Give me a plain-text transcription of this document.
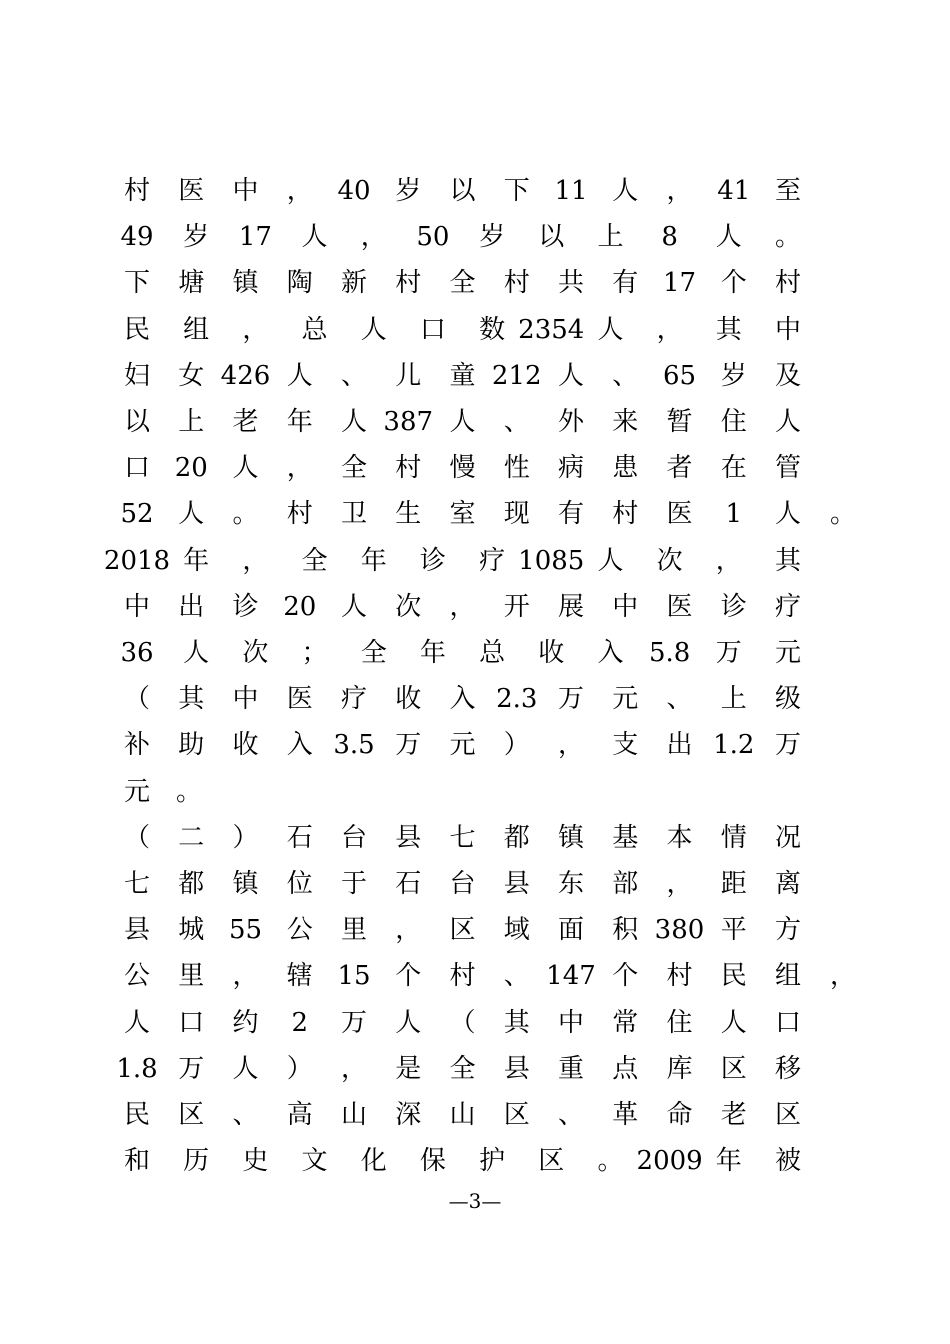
村 医 中 ， 40 岁 以 下 11 人 ， 41 至
49 岁 17 人 ， 50 岁 以 上 8 人 。
下 塘 镇 陶 新 村 全 村 共 有 17 个 村
民 组 ， 总 人 口 数 2354 人 ， 其 中
妇 女 426 人 、 儿 童 212 人 、 65 岁 及
以 上 老 年 人 387 人 、 外 来 暂 住 人
口 20 人 ， 全 村 慢 性 病 患 者 在 管
52 人 。 村 卫 生 室 现 有 村 医 1 人 。
2018 年 ， 全 年 诊 疗 1085 人 次 ， 其
中 出 诊 20 人 次 ， 开 展 中 医 诊 疗
36 人 次 ； 全 年 总 收 入 5.8 万 元
（ 其 中 医 疗 收 入 2.3 万 元 、 上 级
补 助 收 入 3.5 万 元 ） ， 支 出 1.2 万
元 。
（ 二 ） 石 台 县 七 都 镇 基 本 情 况
七 都 镇 位 于 石 台 县 东 部 ， 距 离
县 城 55 公 里 ， 区 域 面 积 380 平 方
公 里 ， 辖 15 个 村 、 147 个 村 民 组 ，
人 口 约 2 万 人 （ 其 中 常 住 人 口
1.8 万 人 ） ， 是 全 县 重 点 库 区 移
民 区 、 高 山 深 山 区 、 革 命 老 区
和 历 史 文 化 保 护 区 。 2009 年 被
—3—
